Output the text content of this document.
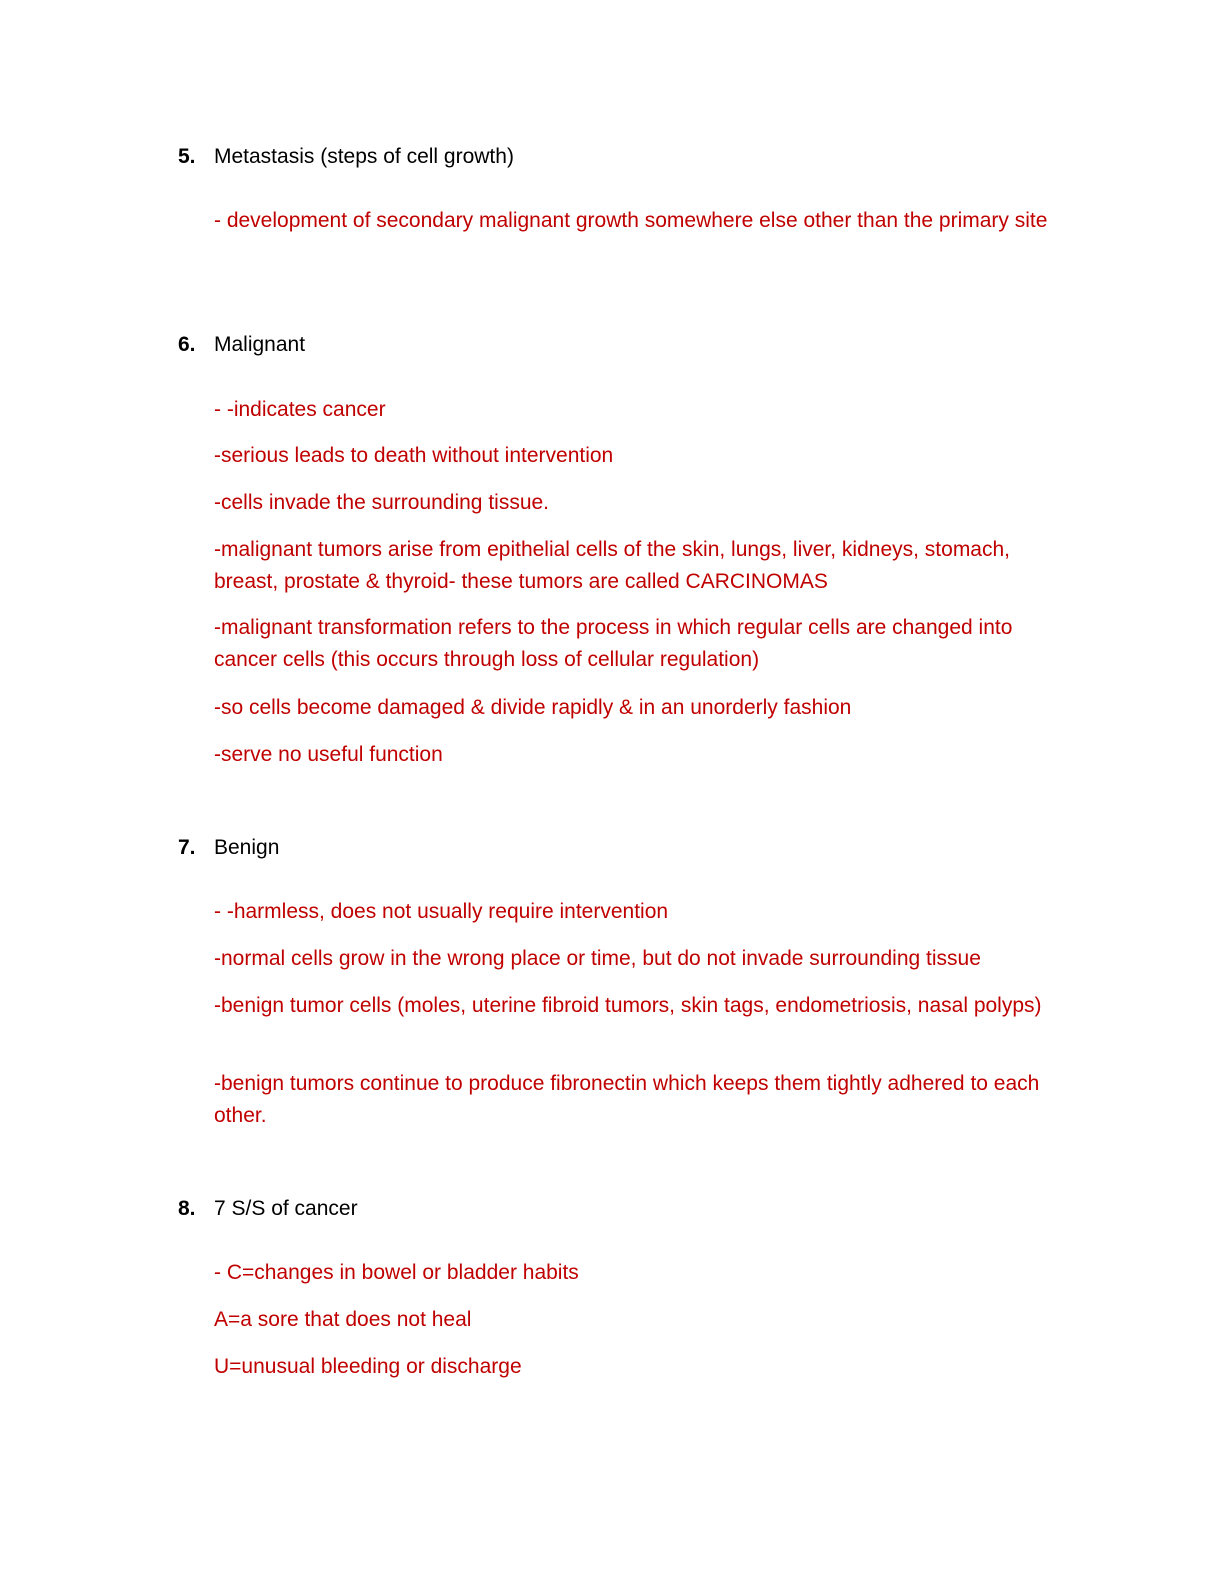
5. Metastasis (steps of cell growth)

- development of secondary malignant growth somewhere else other than the primary site

6. Malignant

- -indicates cancer

-serious leads to death without intervention

-cells invade the surrounding tissue.

-malignant tumors arise from epithelial cells of the skin, lungs, liver, kidneys, stomach, breast, prostate & thyroid- these tumors are called CARCINOMAS

-malignant transformation refers to the process in which regular cells are changed into cancer cells (this occurs through loss of cellular regulation)

-so cells become damaged & divide rapidly & in an unorderly fashion

-serve no useful function

7. Benign

- -harmless, does not usually require intervention

-normal cells grow in the wrong place or time, but do not invade surrounding tissue

-benign tumor cells (moles, uterine fibroid tumors, skin tags, endometriosis, nasal polyps)

-benign tumors continue to produce fibronectin which keeps them tightly adhered to each other.

8. 7 S/S of cancer

- C=changes in bowel or bladder habits

A=a sore that does not heal

U=unusual bleeding or discharge
